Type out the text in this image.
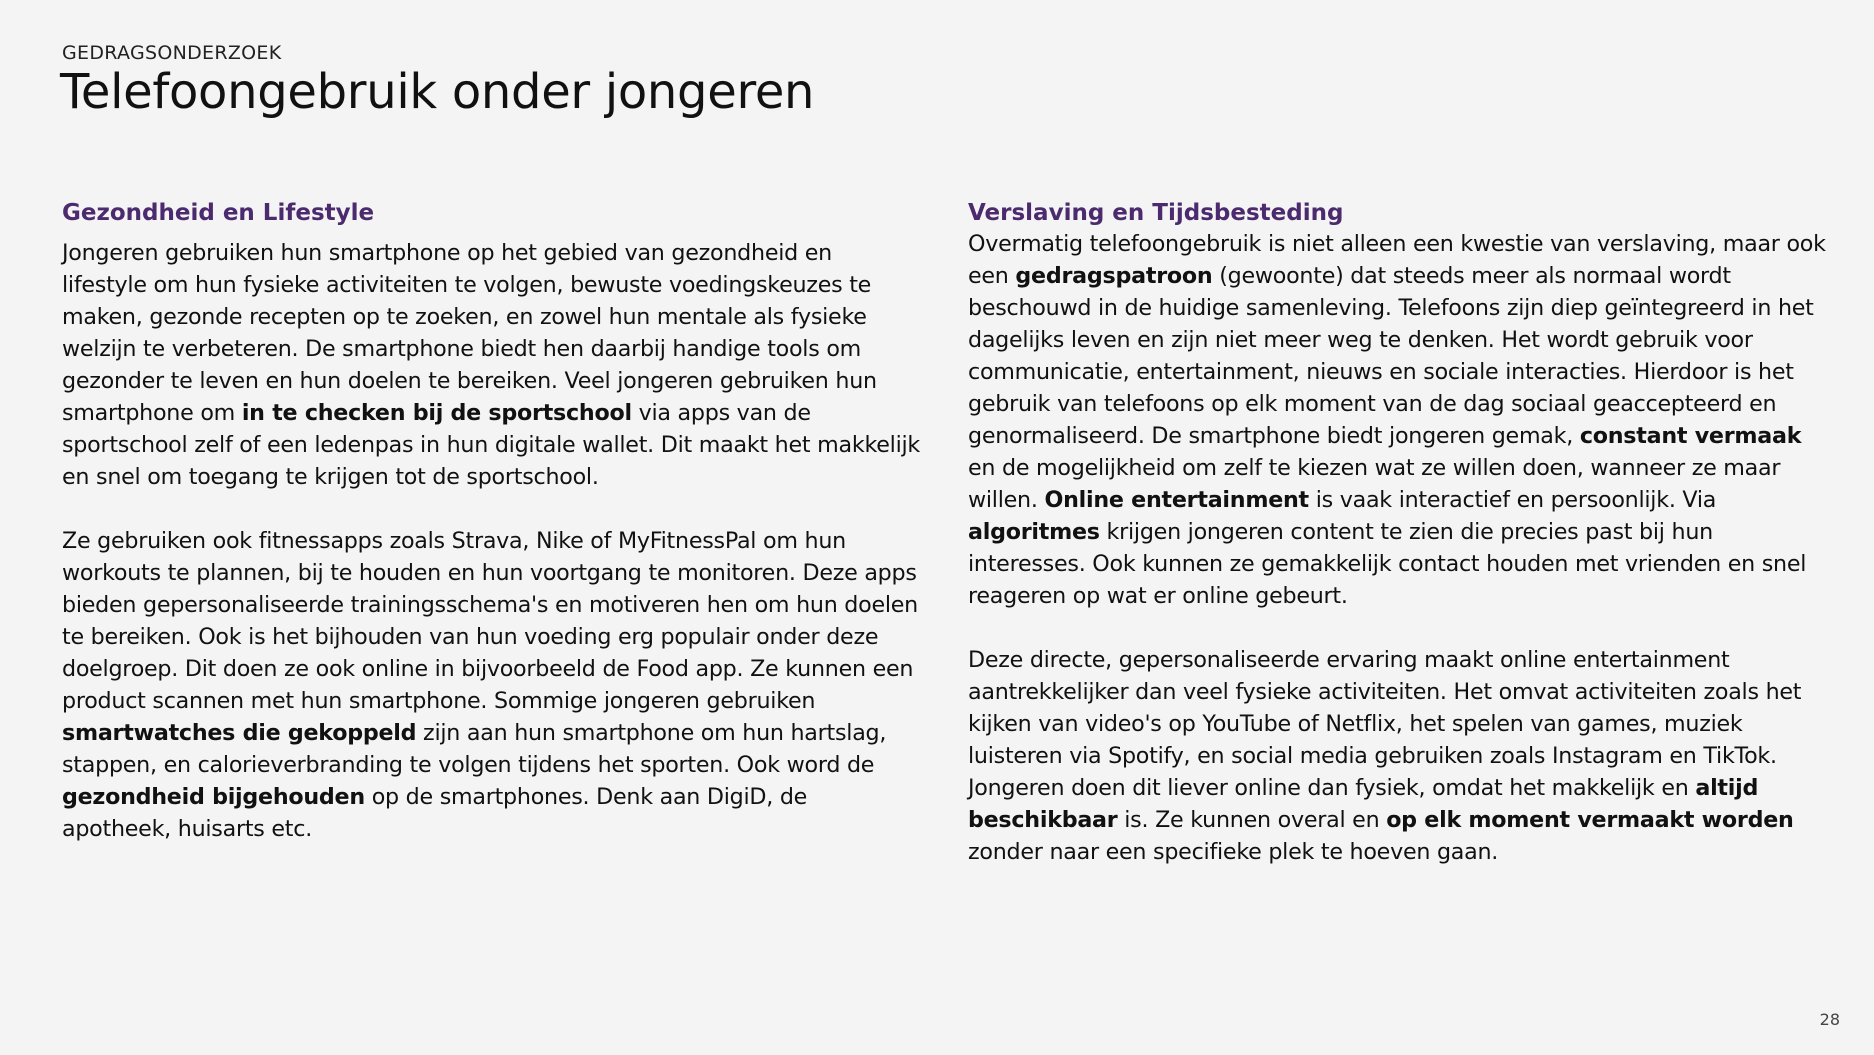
GEDRAGSONDERZOEK
Telefoongebruik onder jongeren
Gezondheid en Lifestyle

Jongeren gebruiken hun smartphone op het gebied van gezondheid en lifestyle om hun fysieke activiteiten te volgen, bewuste voedingskeuzes te maken, gezonde recepten op te zoeken, en zowel hun mentale als fysieke welzijn te verbeteren. De smartphone biedt hen daarbij handige tools om gezonder te leven en hun doelen te bereiken. Veel jongeren gebruiken hun smartphone om in te checken bij de sportschool via apps van de sportschool zelf of een ledenpas in hun digitale wallet. Dit maakt het makkelijk en snel om toegang te krijgen tot de sportschool.

Ze gebruiken ook fitnessapps zoals Strava, Nike of MyFitnessPal om hun workouts te plannen, bij te houden en hun voortgang te monitoren. Deze apps bieden gepersonaliseerde trainingsschema's en motiveren hen om hun doelen te bereiken. Ook is het bijhouden van hun voeding erg populair onder deze doelgroep. Dit doen ze ook online in bijvoorbeeld de Food app. Ze kunnen een product scannen met hun smartphone. Sommige jongeren gebruiken smartwatches die gekoppeld zijn aan hun smartphone om hun hartslag, stappen, en calorieverbranding te volgen tijdens het sporten. Ook word de gezondheid bijgehouden op de smartphones. Denk aan DigiD, de apotheek, huisarts etc.

Verslaving en Tijdsbesteding

Overmatig telefoongebruik is niet alleen een kwestie van verslaving, maar ook een gedragspatroon (gewoonte) dat steeds meer als normaal wordt beschouwd in de huidige samenleving. Telefoons zijn diep geïntegreerd in het dagelijks leven en zijn niet meer weg te denken. Het wordt gebruik voor communicatie, entertainment, nieuws en sociale interacties. Hierdoor is het gebruik van telefoons op elk moment van de dag sociaal geaccepteerd en genormaliseerd. De smartphone biedt jongeren gemak, constant vermaak en de mogelijkheid om zelf te kiezen wat ze willen doen, wanneer ze maar willen. Online entertainment is vaak interactief en persoonlijk. Via algoritmes krijgen jongeren content te zien die precies past bij hun interesses. Ook kunnen ze gemakkelijk contact houden met vrienden en snel reageren op wat er online gebeurt.

Deze directe, gepersonaliseerde ervaring maakt online entertainment aantrekkelijker dan veel fysieke activiteiten. Het omvat activiteiten zoals het kijken van video's op YouTube of Netflix, het spelen van games, muziek luisteren via Spotify, en social media gebruiken zoals Instagram en TikTok. Jongeren doen dit liever online dan fysiek, omdat het makkelijk en altijd beschikbaar is. Ze kunnen overal en op elk moment vermaakt worden zonder naar een specifieke plek te hoeven gaan.

28
